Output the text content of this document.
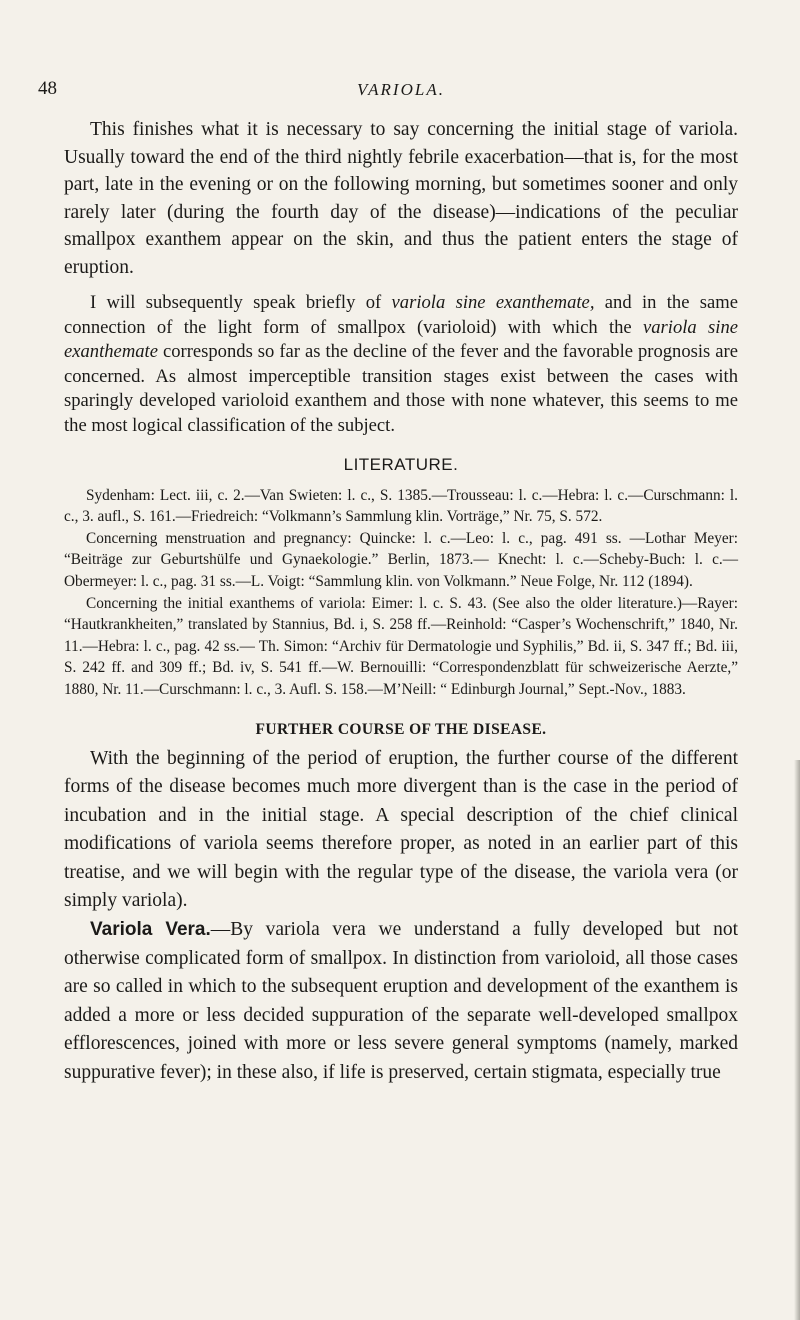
48	VARIOLA.

This finishes what it is necessary to say concerning the initial stage of variola. Usually toward the end of the third nightly febrile exacerbation—that is, for the most part, late in the evening or on the following morning, but sometimes sooner and only rarely later (during the fourth day of the disease)—indications of the peculiar smallpox exanthem appear on the skin, and thus the patient enters the stage of eruption.

I will subsequently speak briefly of variola sine exanthemate, and in the same connection of the light form of smallpox (varioloid) with which the variola sine exanthemate corresponds so far as the decline of the fever and the favorable prognosis are concerned. As almost imperceptible transition stages exist between the cases with sparingly developed varioloid exanthem and those with none whatever, this seems to me the most logical classification of the subject.

LITERATURE.

Sydenham: Lect. iii, c. 2.—Van Swieten: l. c., S. 1385.—Trousseau: l. c.—Hebra: l. c.—Curschmann: l. c., 3. aufl., S. 161.—Friedreich: “Volkmann’s Sammlung klin. Vorträge,” Nr. 75, S. 572.

Concerning menstruation and pregnancy: Quincke: l. c.—Leo: l. c., pag. 491 ss. —Lothar Meyer: “Beiträge zur Geburtshülfe und Gynaekologie.” Berlin, 1873.— Knecht: l. c.—Scheby-Buch: l. c.—Obermeyer: l. c., pag. 31 ss.—L. Voigt: “Sammlung klin. von Volkmann.” Neue Folge, Nr. 112 (1894).

Concerning the initial exanthems of variola: Eimer: l. c. S. 43. (See also the older literature.)—Rayer: “Hautkrankheiten,” translated by Stannius, Bd. i, S. 258 ff.—Reinhold: “Casper’s Wochenschrift,” 1840, Nr. 11.—Hebra: l. c., pag. 42 ss.— Th. Simon: “Archiv für Dermatologie und Syphilis,” Bd. ii, S. 347 ff.; Bd. iii, S. 242 ff. and 309 ff.; Bd. iv, S. 541 ff.—W. Bernouilli: “Correspondenzblatt für schweizerische Aerzte,” 1880, Nr. 11.—Curschmann: l. c., 3. Aufl. S. 158.—M’Neill: “ Edinburgh Journal,” Sept.-Nov., 1883.

FURTHER COURSE OF THE DISEASE.

With the beginning of the period of eruption, the further course of the different forms of the disease becomes much more divergent than is the case in the period of incubation and in the initial stage. A special description of the chief clinical modifications of variola seems therefore proper, as noted in an earlier part of this treatise, and we will begin with the regular type of the disease, the variola vera (or simply variola).

Variola Vera.—By variola vera we understand a fully developed but not otherwise complicated form of smallpox. In distinction from varioloid, all those cases are so called in which to the subsequent eruption and development of the exanthem is added a more or less decided suppuration of the separate well-developed smallpox efflorescences, joined with more or less severe general symptoms (namely, marked suppurative fever); in these also, if life is preserved, certain stigmata, especially true
